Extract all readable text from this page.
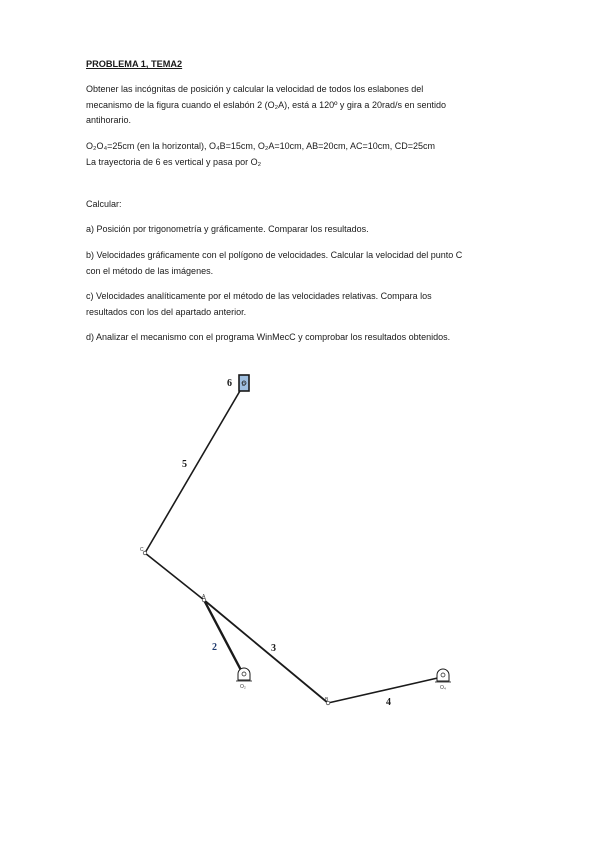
PROBLEMA 1, TEMA2
Obtener las incógnitas de posición y calcular la velocidad de todos los eslabones del
mecanismo de la figura cuando el eslabón 2 (O₂A), está a 120º y gira a 20rad/s en sentido
antihorario.
O₂O₄=25cm (en la horizontal), O₄B=15cm, O₂A=10cm, AB=20cm, AC=10cm, CD=25cm
La trayectoria de 6 es vertical y pasa por O₂
Calcular:
a) Posición por trigonometría y gráficamente. Comparar los resultados.
b) Velocidades gráficamente con el polígono de velocidades. Calcular la velocidad del punto C
con el método de las imágenes.
c) Velocidades analíticamente por el método de las velocidades relativas. Compara los
resultados con los del apartado anterior.
d) Analizar el mecanismo con el programa WinMecC y comprobar los resultados obtenidos.
6
5
2	3
4
C
A
B
O₂	O₄
D
